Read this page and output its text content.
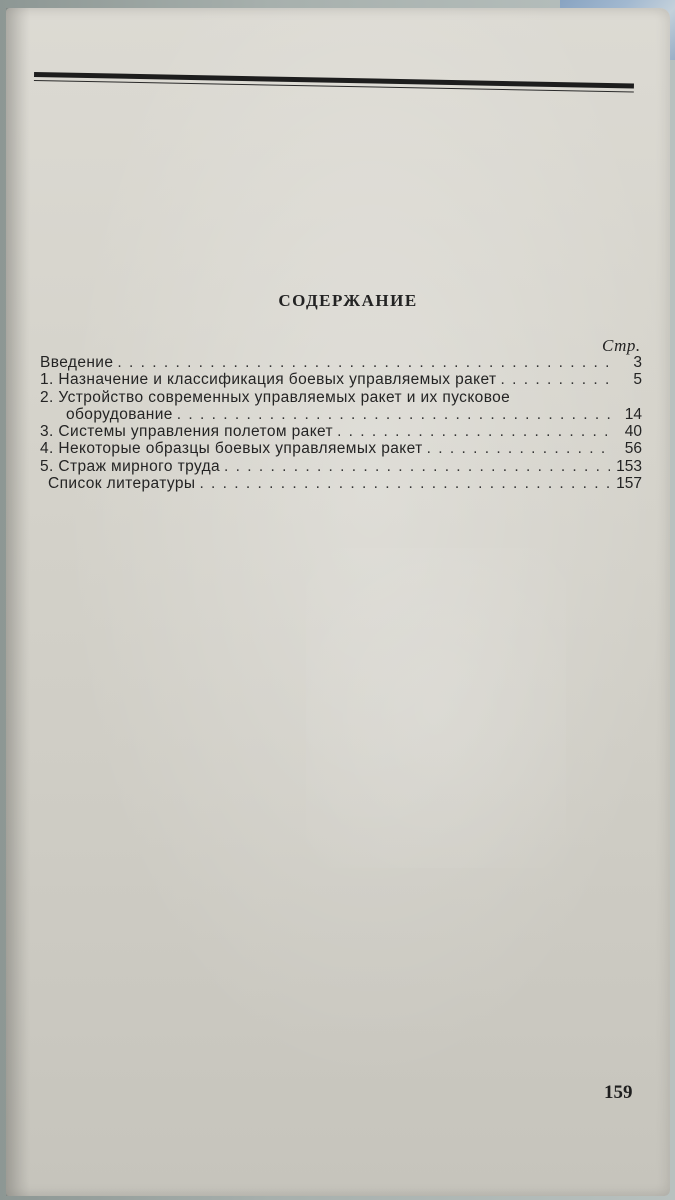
СОДЕРЖАНИЕ
Стр.
Введение . . .	3
1. Назначение и классификация боевых управляемых ракет . . .	5
2. Устройство современных управляемых ракет и их пусковое
оборудование . . .	14
3. Системы управления полетом ракет . . .	40
4. Некоторые образцы боевых управляемых ракет . . .	56
5. Страж мирного труда . . .	153
Список литературы . . .	157
159
